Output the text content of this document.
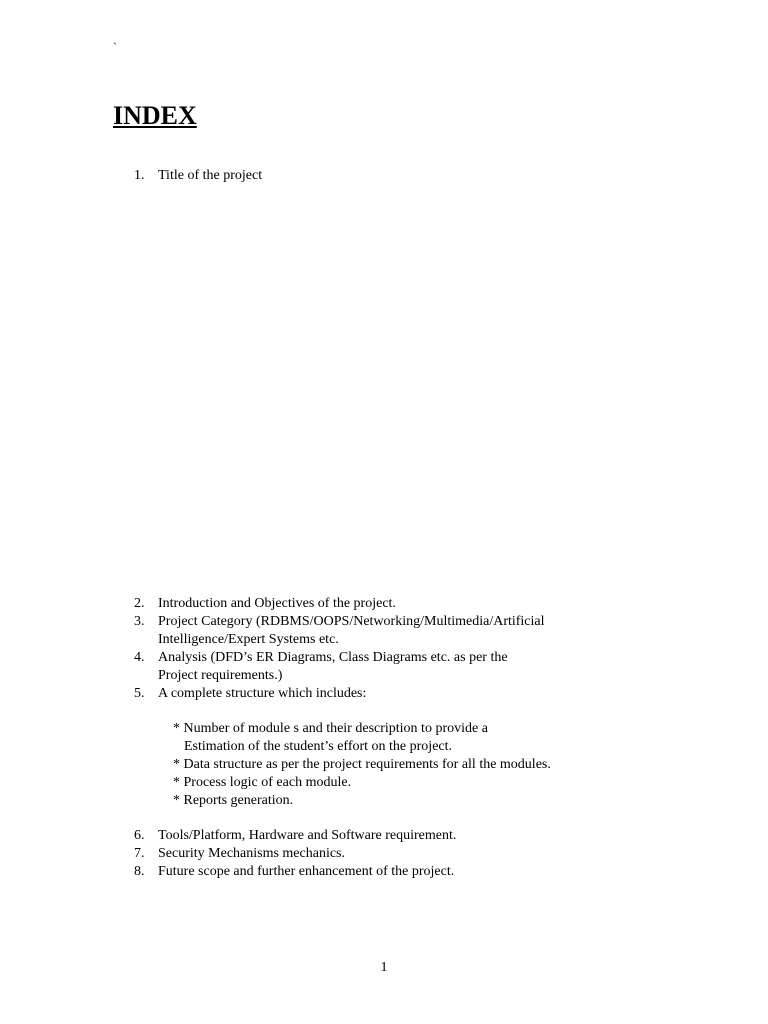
`
INDEX
1. Title of the project
2. Introduction and Objectives of the project.
3. Project Category (RDBMS/OOPS/Networking/Multimedia/Artificial
Intelligence/Expert Systems etc.
4. Analysis (DFD’s ER Diagrams, Class Diagrams etc. as per the
Project requirements.)
5. A complete structure which includes:
* Number of module s and their description to provide a
Estimation of the student’s effort on the project.
* Data structure as per the project requirements for all the modules.
* Process logic of each module.
* Reports generation.
6. Tools/Platform, Hardware and Software requirement.
7. Security Mechanisms mechanics.
8. Future scope and further enhancement of the project.
1
